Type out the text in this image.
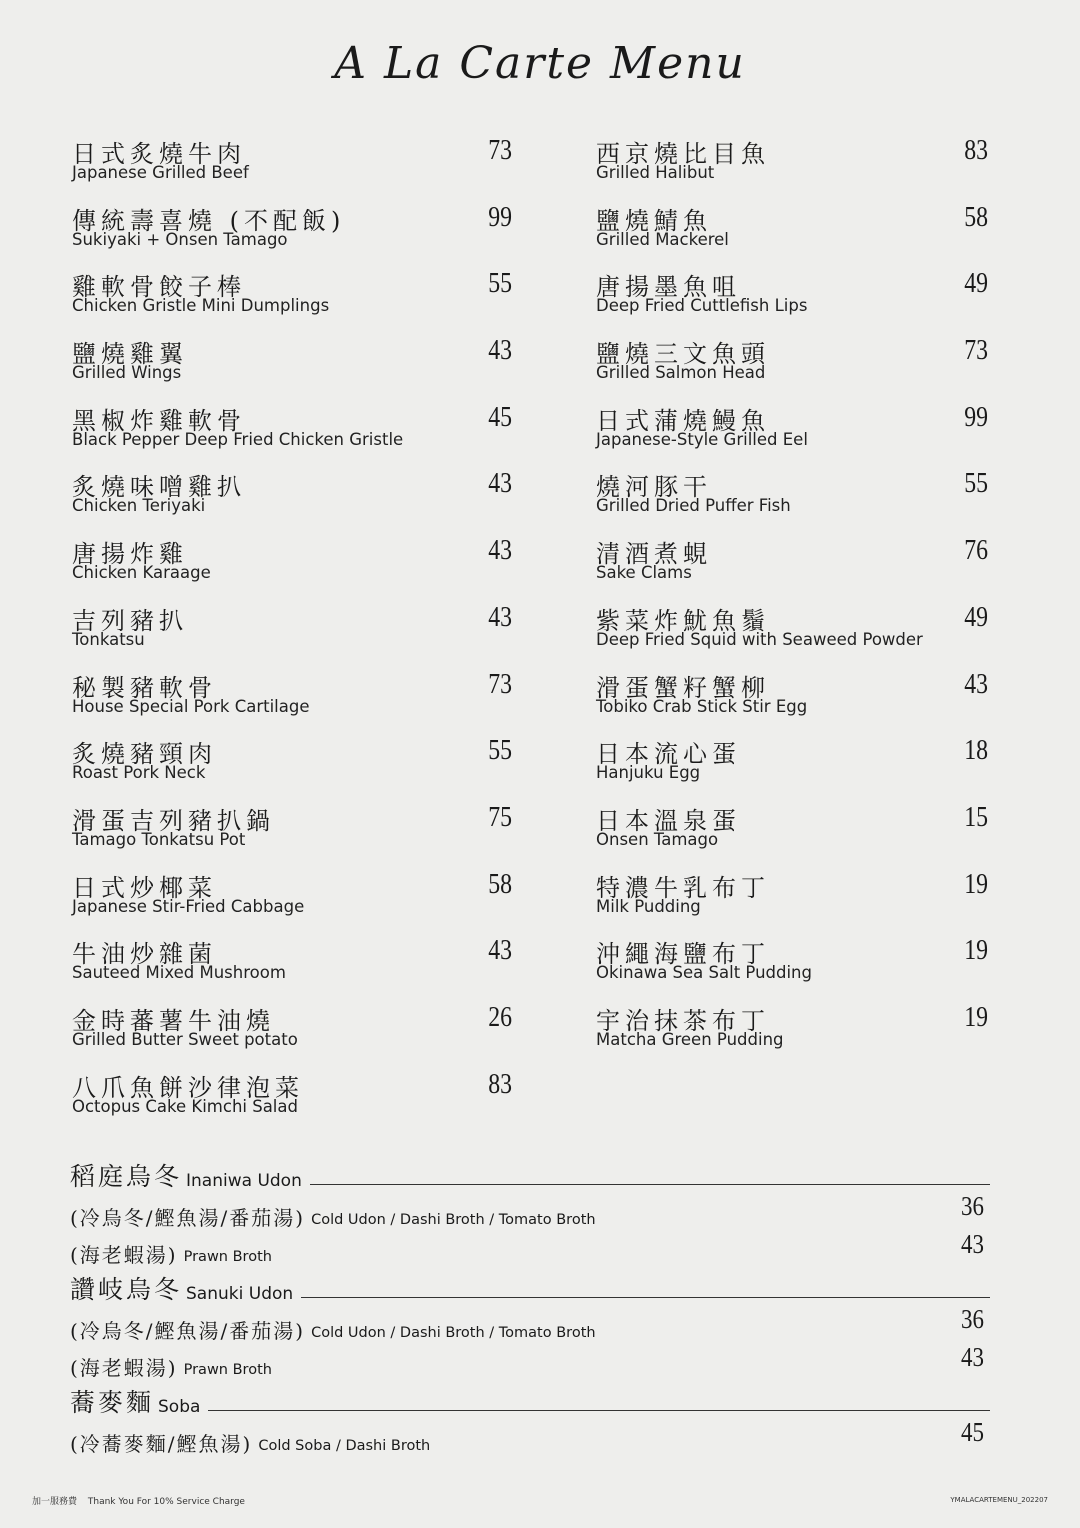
A La Carte Menu
日式炙燒牛肉
Japanese Grilled Beef
73
傳統壽喜燒 (不配飯)
Sukiyaki + Onsen Tamago
99
雞軟骨餃子棒
Chicken Gristle Mini Dumplings
55
鹽燒雞翼
Grilled Wings
43
黑椒炸雞軟骨
Black Pepper Deep Fried Chicken Gristle
45
炙燒味噌雞扒
Chicken Teriyaki
43
唐揚炸雞
Chicken Karaage
43
吉列豬扒
Tonkatsu
43
秘製豬軟骨
House Special Pork Cartilage
73
炙燒豬頸肉
Roast Pork Neck
55
滑蛋吉列豬扒鍋
Tamago Tonkatsu Pot
75
日式炒椰菜
Japanese Stir-Fried Cabbage
58
牛油炒雜菌
Sauteed Mixed Mushroom
43
金時蕃薯牛油燒
Grilled Butter Sweet potato
26
八爪魚餅沙律泡菜
Octopus Cake Kimchi Salad
83
西京燒比目魚
Grilled Halibut
83
鹽燒鯖魚
Grilled Mackerel
58
唐揚墨魚咀
Deep Fried Cuttlefish Lips
49
鹽燒三文魚頭
Grilled Salmon Head
73
日式蒲燒鰻魚
Japanese-Style Grilled Eel
99
燒河豚干
Grilled Dried Puffer Fish
55
清酒煮蜆
Sake Clams
76
紫菜炸魷魚鬚
Deep Fried Squid with Seaweed Powder
49
滑蛋蟹籽蟹柳
Tobiko Crab Stick Stir Egg
43
日本流心蛋
Hanjuku Egg
18
日本溫泉蛋
Onsen Tamago
15
特濃牛乳布丁
Milk Pudding
19
沖繩海鹽布丁
Okinawa Sea Salt Pudding
19
宇治抹茶布丁
Matcha Green Pudding
19
稻庭烏冬 Inaniwa Udon
(冷烏冬/鰹魚湯/番茄湯) Cold Udon / Dashi Broth / Tomato Broth	36
(海老蝦湯) Prawn Broth	43
讚岐烏冬 Sanuki Udon
(冷烏冬/鰹魚湯/番茄湯) Cold Udon / Dashi Broth / Tomato Broth	36
(海老蝦湯) Prawn Broth	43
蕎麥麵 Soba
(冷蕎麥麵/鰹魚湯) Cold Soba / Dashi Broth	45
加一服務費 Thank You For 10% Service Charge	YMALACARTEMENU_202207
